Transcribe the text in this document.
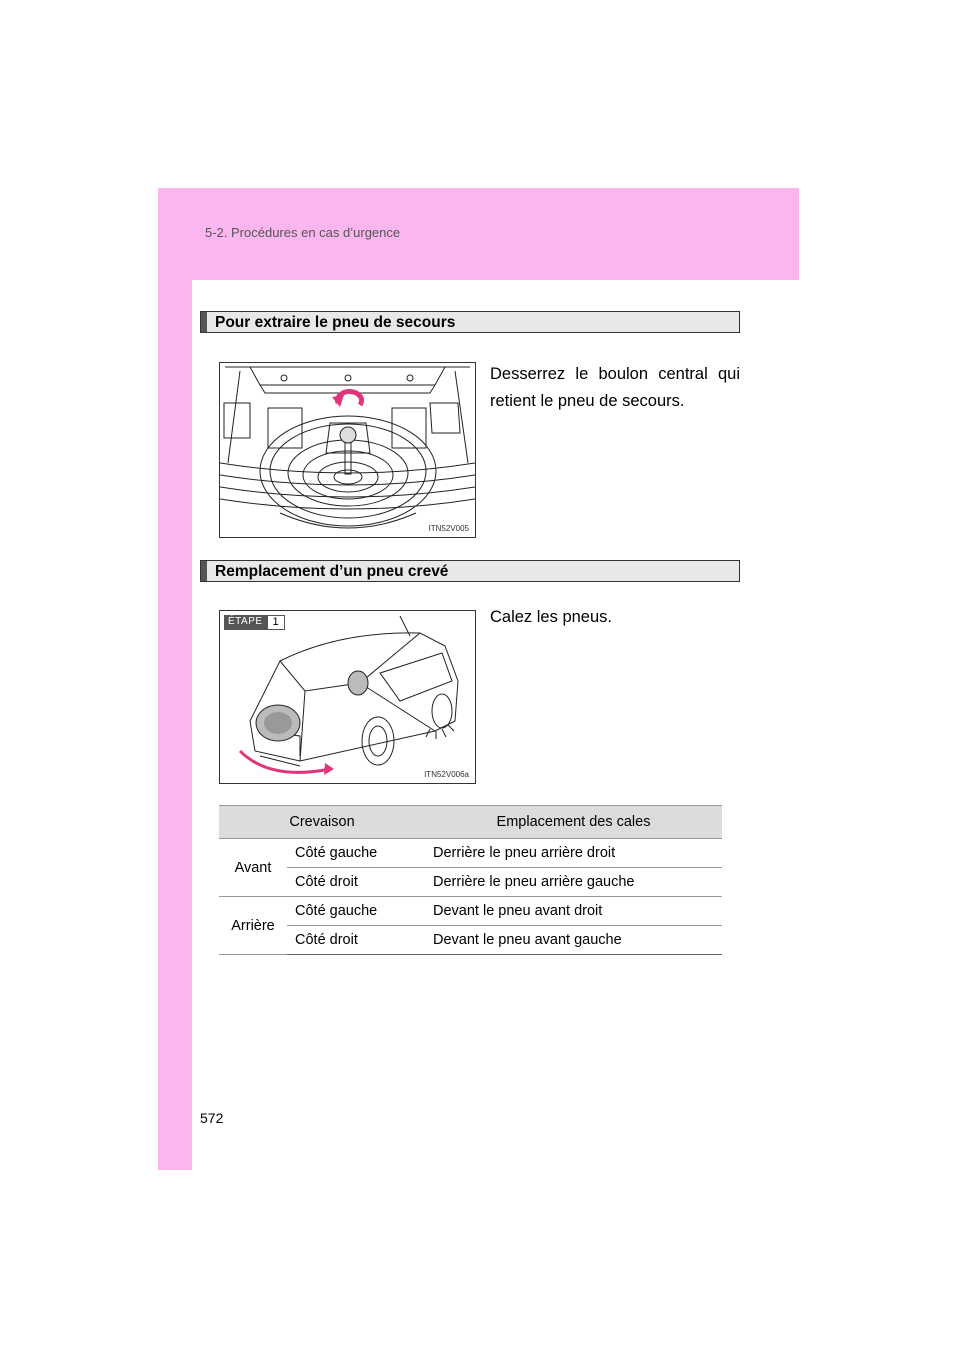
5-2. Procédures en cas d’urgence
Pour extraire le pneu de secours
ITN52V005
Desserrez le boulon central qui retient le pneu de secours.
Remplacement d’un pneu crevé
ÉTAPE 1
ITN52V006a
Calez les pneus.
Crevaison		Emplacement des cales
Avant	Côté gauche	Derrière le pneu arrière droit
	Côté droit	Derrière le pneu arrière gauche
Arrière	Côté gauche	Devant le pneu avant droit
	Côté droit	Devant le pneu avant gauche
572
